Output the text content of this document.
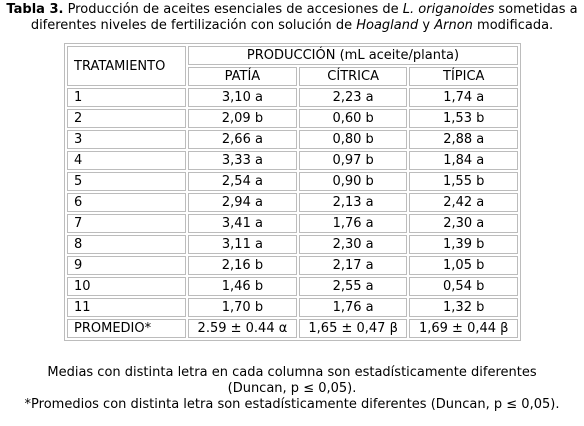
Tabla 3. Producción de aceites esenciales de accesiones de L. origanoides sometidas a diferentes niveles de fertilización con solución de Hoagland y Arnon modificada.
TRATAMIENTO	PRODUCCIÓN (mL aceite/planta)		
	PATÍA	CÍTRICA	TÍPICA
1	3,10 a	2,23 a	1,74 a
2	2,09 b	0,60 b	1,53 b
3	2,66 a	0,80 b	2,88 a
4	3,33 a	0,97 b	1,84 a
5	2,54 a	0,90 b	1,55 b
6	2,94 a	2,13 a	2,42 a
7	3,41 a	1,76 a	2,30 a
8	3,11 a	2,30 a	1,39 b
9	2,16 b	2,17 a	1,05 b
10	1,46 b	2,55 a	0,54 b
11	1,70 b	1,76 a	1,32 b
PROMEDIO*	2.59 ± 0.44 α	1,65 ± 0,47 β	1,69 ± 0,44 β
Medias con distinta letra en cada columna son estadísticamente diferentes
(Duncan, p ≤ 0,05).
*Promedios con distinta letra son estadísticamente diferentes (Duncan, p ≤ 0,05).
